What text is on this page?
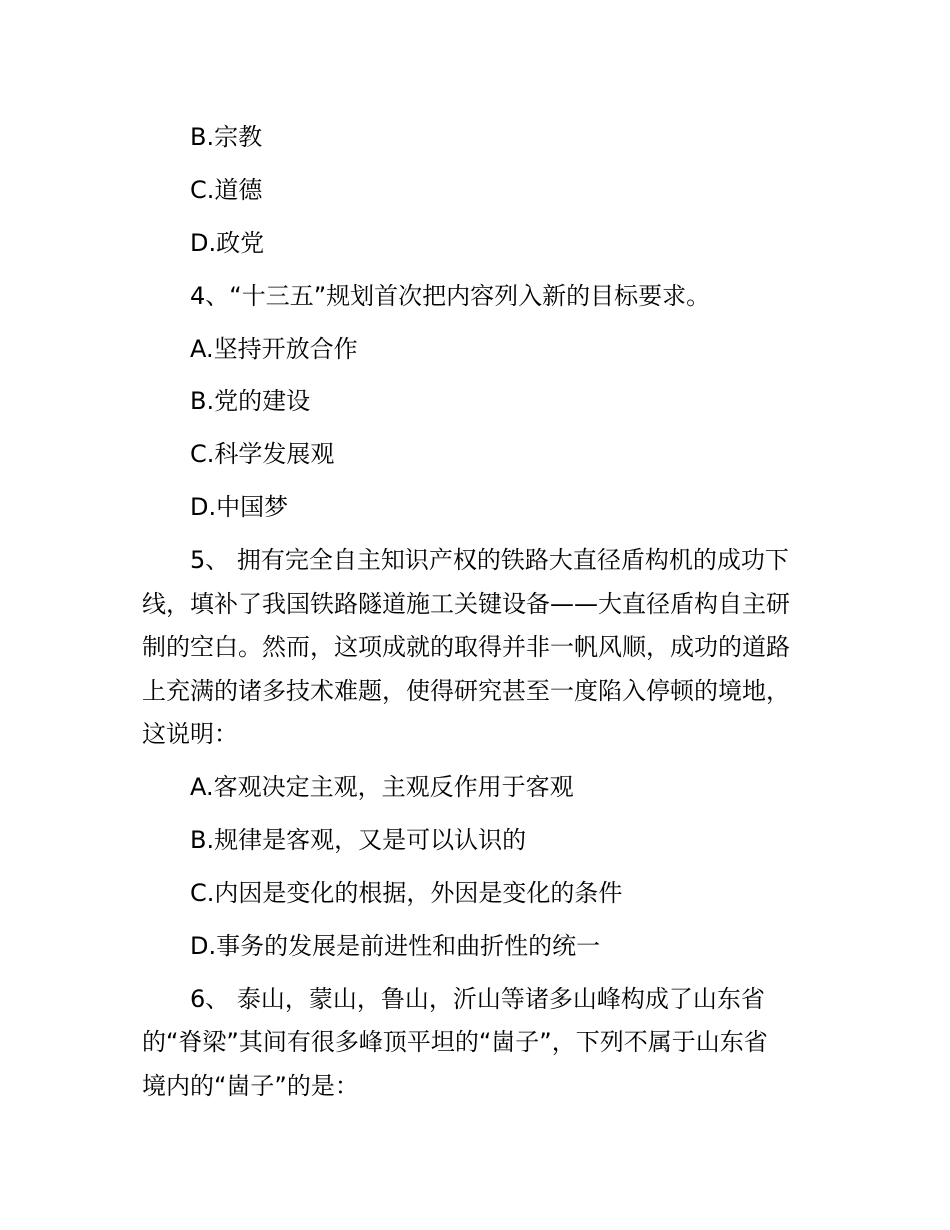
B.宗教
C.道德
D.政党
4、“十三五”规划首次把内容列入新的目标要求。
A.坚持开放合作
B.党的建设
C.科学发展观
D.中国梦
5、 拥有完全自主知识产权的铁路大直径盾构机的成功下
线，填补了我国铁路隧道施工关键设备——大直径盾构自主研
制的空白。然而，这项成就的取得并非一帆风顺，成功的道路
上充满的诸多技术难题，使得研究甚至一度陷入停顿的境地，
这说明：
A.客观决定主观，主观反作用于客观
B.规律是客观，又是可以认识的
C.内因是变化的根据，外因是变化的条件
D.事务的发展是前进性和曲折性的统一
6、 泰山，蒙山，鲁山，沂山等诸多山峰构成了山东省
的“脊梁”其间有很多峰顶平坦的“崮子”，下列不属于山东省
境内的“崮子”的是：
